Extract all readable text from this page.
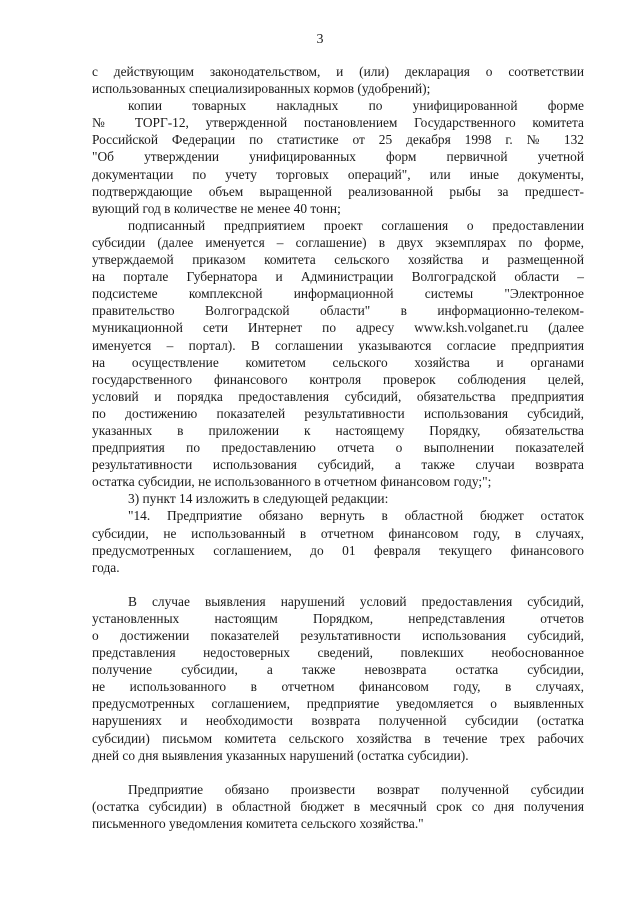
3
с действующим законодательством, и (или) декларация о соответствии
использованных специализированных кормов (удобрений);
копии товарных накладных по унифицированной форме
№ ТОРГ-12, утвержденной постановлением Государственного комитета
Российской Федерации по статистике от 25 декабря 1998 г. № 132
"Об утверждении унифицированных форм первичной учетной
документации по учету торговых операций", или иные документы,
подтверждающие объем выращенной реализованной рыбы за предшест-
вующий год в количестве не менее 40 тонн;
подписанный предприятием проект соглашения о предоставлении
субсидии (далее именуется – соглашение) в двух экземплярах по форме,
утверждаемой приказом комитета сельского хозяйства и размещенной
на портале Губернатора и Администрации Волгоградской области –
подсистеме комплексной информационной системы "Электронное
правительство Волгоградской области" в информационно-телеком-
муникационной сети Интернет по адресу www.ksh.volganet.ru (далее
именуется – портал). В соглашении указываются согласие предприятия
на осуществление комитетом сельского хозяйства и органами
государственного финансового контроля проверок соблюдения целей,
условий и порядка предоставления субсидий, обязательства предприятия
по достижению показателей результативности использования субсидий,
указанных в приложении к настоящему Порядку, обязательства
предприятия по предоставлению отчета о выполнении показателей
результативности использования субсидий, а также случаи возврата
остатка субсидии, не использованного в отчетном финансовом году;";
3) пункт 14 изложить в следующей редакции:
"14. Предприятие обязано вернуть в областной бюджет остаток
субсидии, не использованный в отчетном финансовом году, в случаях,
предусмотренных соглашением, до 01 февраля текущего финансового
года.
В случае выявления нарушений условий предоставления субсидий,
установленных настоящим Порядком, непредставления отчетов
о достижении показателей результативности использования субсидий,
представления недостоверных сведений, повлекших необоснованное
получение субсидии, а также невозврата остатка субсидии,
не использованного в отчетном финансовом году, в случаях,
предусмотренных соглашением, предприятие уведомляется о выявленных
нарушениях и необходимости возврата полученной субсидии (остатка
субсидии) письмом комитета сельского хозяйства в течение трех рабочих
дней со дня выявления указанных нарушений (остатка субсидии).
Предприятие обязано произвести возврат полученной субсидии
(остатка субсидии) в областной бюджет в месячный срок со дня получения
письменного уведомления комитета сельского хозяйства."
